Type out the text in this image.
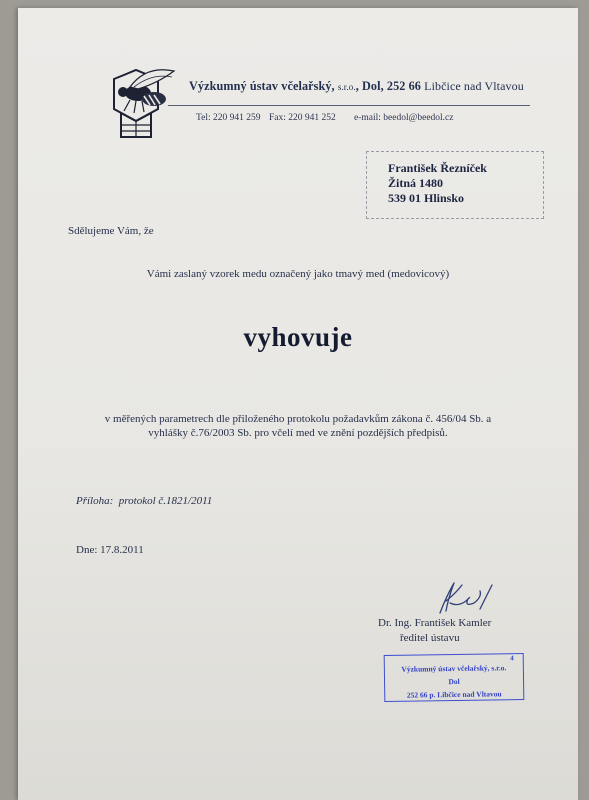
Výzkumný ústav včelařský, s.r.o., Dol, 252 66 Libčice nad Vltavou
Tel: 220 941 259 Fax: 220 941 252 e-mail: beedol@beedol.cz
František Řezníček
Žitná 1480
539 01 Hlinsko
Sdělujeme Vám, že
Vámi zaslaný vzorek medu označený jako tmavý med (medovicový)
vyhovuje
v měřených parametrech dle přiloženého protokolu požadavkům zákona č. 456/04 Sb. a
vyhlášky č.76/2003 Sb. pro včelí med ve znění pozdějších předpisů.
Příloha: protokol č.1821/2011
Dne: 17.8.2011
Dr. Ing. František Kamler
ředitel ústavu
4
Výzkumný ústav včelařský, s.r.o.
Dol
252 66 p. Libčice nad Vltavou
